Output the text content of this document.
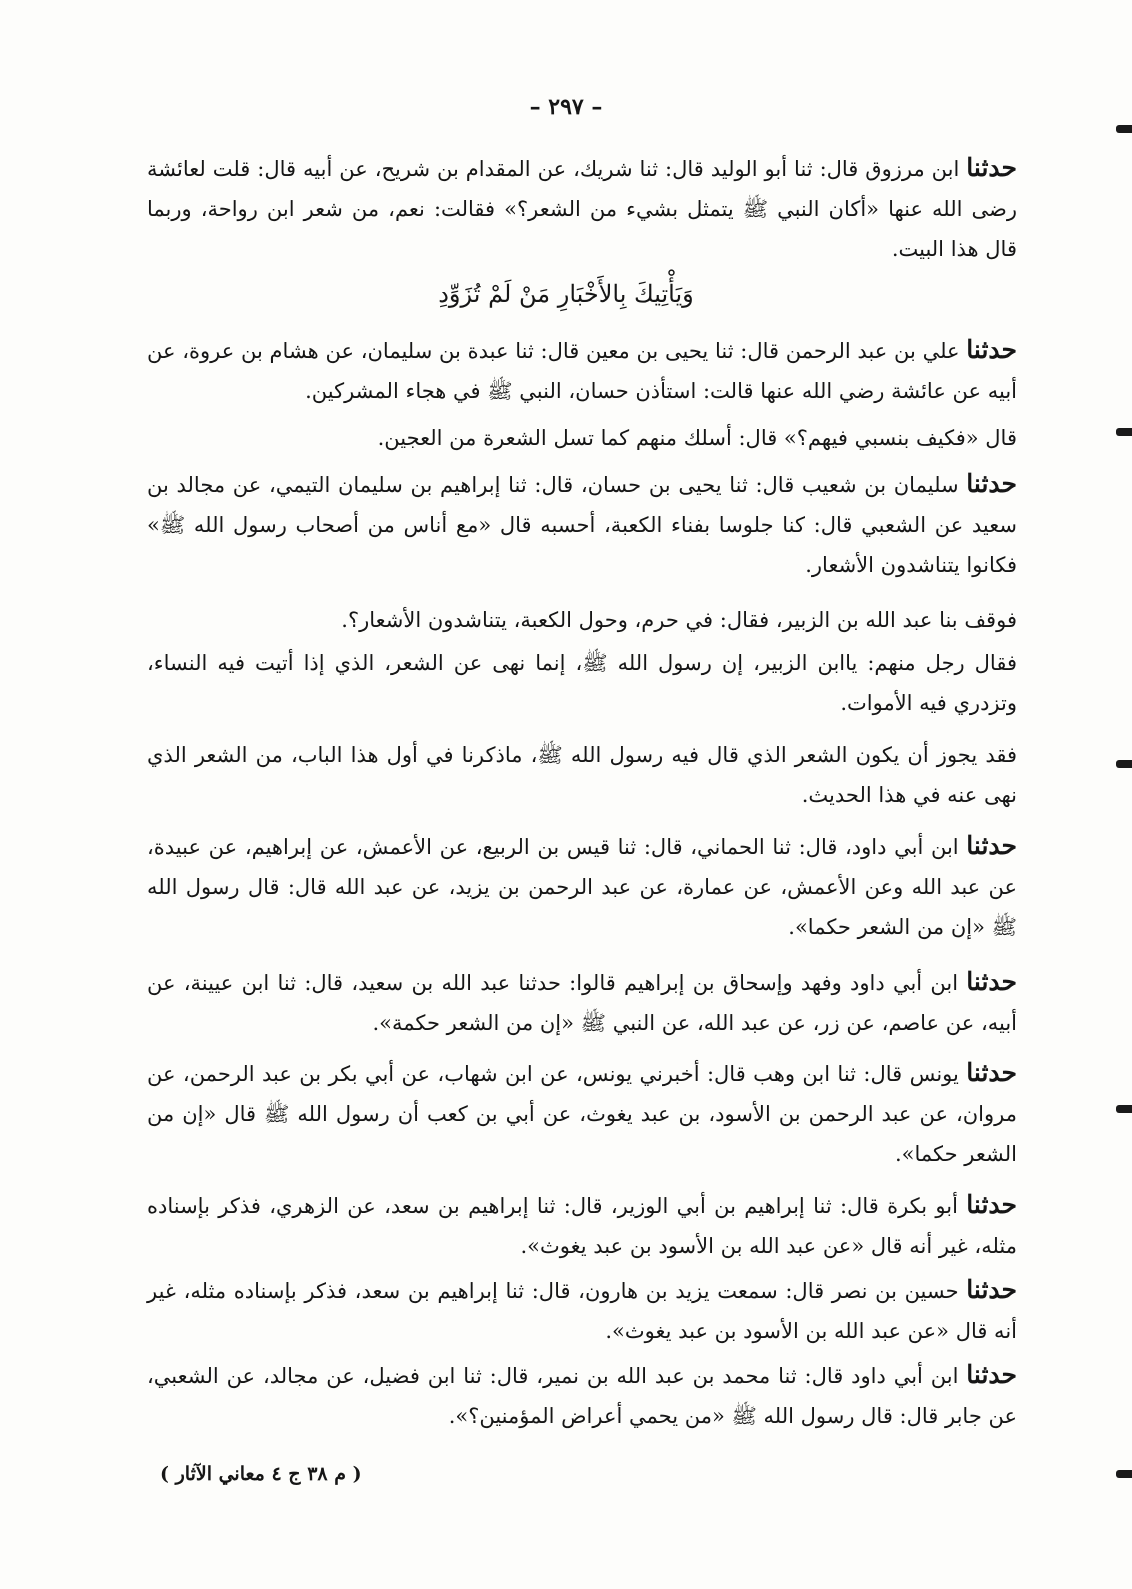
– ٢٩٧ –
حدثنا ابن مرزوق قال: ثنا أبو الوليد قال: ثنا شريك، عن المقدام بن شريح، عن أبيه قال: قلت لعائشة رضى الله عنها «أكان النبي ﷺ يتمثل بشيء من الشعر؟» فقالت: نعم، من شعر ابن رواحة، وربما قال هذا البيت.
وَيَأْتِيكَ بِالأَخْبَارِ مَنْ لَمْ تُزَوِّدِ
حدثنا علي بن عبد الرحمن قال: ثنا يحيى بن معين قال: ثنا عبدة بن سليمان، عن هشام بن عروة، عن أبيه عن عائشة رضي الله عنها قالت: استأذن حسان، النبي ﷺ في هجاء المشركين.
قال «فكيف بنسبي فيهم؟» قال: أسلك منهم كما تسل الشعرة من العجين.
حدثنا سليمان بن شعيب قال: ثنا يحيى بن حسان، قال: ثنا إبراهيم بن سليمان التيمي، عن مجالد بن سعيد عن الشعبي قال: كنا جلوسا بفناء الكعبة، أحسبه قال «مع أناس من أصحاب رسول الله ﷺ» فكانوا يتناشدون الأشعار.
فوقف بنا عبد الله بن الزبير، فقال: في حرم، وحول الكعبة، يتناشدون الأشعار؟.
فقال رجل منهم: ياابن الزبير، إن رسول الله ﷺ، إنما نهى عن الشعر، الذي إذا أتيت فيه النساء، وتزدري فيه الأموات.
فقد يجوز أن يكون الشعر الذي قال فيه رسول الله ﷺ، ماذكرنا في أول هذا الباب، من الشعر الذي نهى عنه في هذا الحديث.
حدثنا ابن أبي داود، قال: ثنا الحماني، قال: ثنا قيس بن الربيع، عن الأعمش، عن إبراهيم، عن عبيدة، عن عبد الله وعن الأعمش، عن عمارة، عن عبد الرحمن بن يزيد، عن عبد الله قال: قال رسول الله ﷺ «إن من الشعر حكما».
حدثنا ابن أبي داود وفهد وإسحاق بن إبراهيم قالوا: حدثنا عبد الله بن سعيد، قال: ثنا ابن عيينة، عن أبيه، عن عاصم، عن زر، عن عبد الله، عن النبي ﷺ «إن من الشعر حكمة».
حدثنا يونس قال: ثنا ابن وهب قال: أخبرني يونس، عن ابن شهاب، عن أبي بكر بن عبد الرحمن، عن مروان، عن عبد الرحمن بن الأسود، بن عبد يغوث، عن أبي بن كعب أن رسول الله ﷺ قال «إن من الشعر حكما».
حدثنا أبو بكرة قال: ثنا إبراهيم بن أبي الوزير، قال: ثنا إبراهيم بن سعد، عن الزهري، فذكر بإسناده مثله، غير أنه قال «عن عبد الله بن الأسود بن عبد يغوث».
حدثنا حسين بن نصر قال: سمعت يزيد بن هارون، قال: ثنا إبراهيم بن سعد، فذكر بإسناده مثله، غير أنه قال «عن عبد الله بن الأسود بن عبد يغوث».
حدثنا ابن أبي داود قال: ثنا محمد بن عبد الله بن نمير، قال: ثنا ابن فضيل، عن مجالد، عن الشعبي، عن جابر قال: قال رسول الله ﷺ «من يحمي أعراض المؤمنين؟».
( م ٣٨ ج ٤ معاني الآثار )
